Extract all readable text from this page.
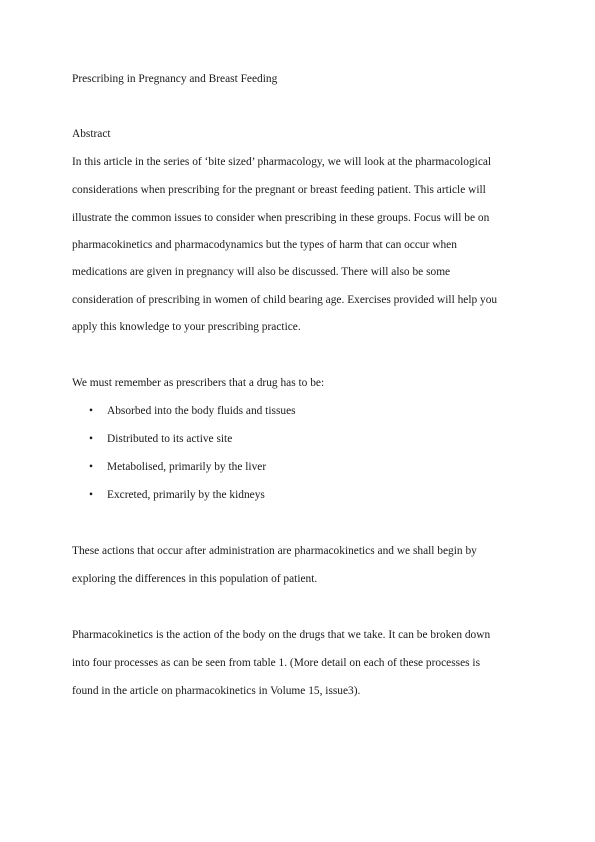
Prescribing in Pregnancy and Breast Feeding
Abstract
In this article in the series of ‘bite sized’ pharmacology, we will look at the pharmacological
considerations when prescribing for the pregnant or breast feeding patient. This article will
illustrate the common issues to consider when prescribing in these groups. Focus will be on
pharmacokinetics and pharmacodynamics but the types of harm that can occur when
medications are given in pregnancy will also be discussed. There will also be some
consideration of prescribing in women of child bearing age. Exercises provided will help you
apply this knowledge to your prescribing practice.
We must remember as prescribers that a drug has to be:
• Absorbed into the body fluids and tissues
• Distributed to its active site
• Metabolised, primarily by the liver
• Excreted, primarily by the kidneys
These actions that occur after administration are pharmacokinetics and we shall begin by
exploring the differences in this population of patient.
Pharmacokinetics is the action of the body on the drugs that we take. It can be broken down
into four processes as can be seen from table 1. (More detail on each of these processes is
found in the article on pharmacokinetics in Volume 15, issue3).
